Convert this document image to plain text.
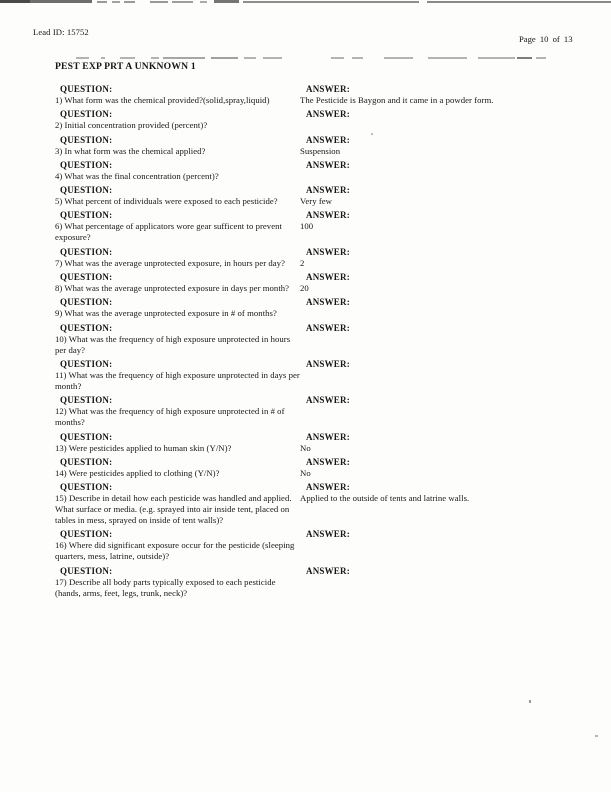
Lead ID: 15752
Page 10 of 13
PEST EXP PRT A UNKNOWN 1
QUESTION:
1) What form was the chemical provided?(solid,spray,liquid)
ANSWER:
The Pesticide is Baygon and it came in a powder form.
QUESTION:
2) Initial concentration provided (percent)?
ANSWER:
QUESTION:
3) In what form was the chemical applied?
ANSWER:
Suspension
QUESTION:
4) What was the final concentration (percent)?
ANSWER:
QUESTION:
5) What percent of individuals were exposed to each pesticide?
ANSWER:
Very few
QUESTION:
6) What percentage of applicators wore gear sufficent to prevent exposure?
ANSWER:
100
QUESTION:
7) What was the average unprotected exposure, in hours per day?
ANSWER:
2
QUESTION:
8) What was the average unprotected exposure in days per month?
ANSWER:
20
QUESTION:
9) What was the average unprotected exposure in # of months?
ANSWER:
QUESTION:
10) What was the frequency of high exposure unprotected in hours per day?
ANSWER:
QUESTION:
11) What was the frequency of high exposure unprotected in days per month?
ANSWER:
QUESTION:
12) What was the frequency of high exposure unprotected in # of months?
ANSWER:
QUESTION:
13) Were pesticides applied to human skin (Y/N)?
ANSWER:
No
QUESTION:
14) Were pesticides applied to clothing (Y/N)?
ANSWER:
No
QUESTION:
15) Describe in detail how each pesticide was handled and applied. What surface or media. (e.g. sprayed into air inside tent, placed on tables in mess, sprayed on inside of tent walls)?
ANSWER:
Applied to the outside of tents and latrine walls.
QUESTION:
16) Where did significant exposure occur for the pesticide (sleeping quarters, mess, latrine, outside)?
ANSWER:
QUESTION:
17) Describe all body parts typically exposed to each pesticide (hands, arms, feet, legs, trunk, neck)?
ANSWER:
